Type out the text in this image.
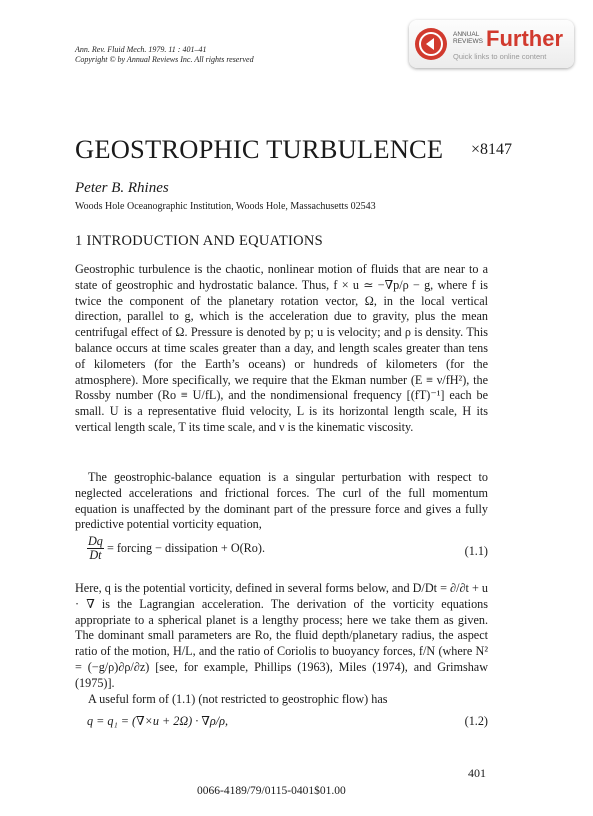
Ann. Rev. Fluid Mech. 1979. 11 : 401–41
Copyright © by Annual Reviews Inc. All rights reserved
ANNUAL
REVIEWS Further
Quick links to online content
GEOSTROPHIC TURBULENCE ×8147
Peter B. Rhines
Woods Hole Oceanographic Institution, Woods Hole, Massachusetts 02543
1 INTRODUCTION AND EQUATIONS
Geostrophic turbulence is the chaotic, nonlinear motion of fluids that are near to a state of geostrophic and hydrostatic balance. Thus, f × u ≃ −∇p/ρ − g, where f is twice the component of the planetary rotation vector, Ω, in the local vertical direction, parallel to g, which is the acceleration due to gravity, plus the mean centrifugal effect of Ω. Pressure is denoted by p; u is velocity; and ρ is density. This balance occurs at time scales greater than a day, and length scales greater than tens of kilometers (for the Earth’s oceans) or hundreds of kilometers (for the atmosphere). More specifically, we require that the Ekman number (E ≡ ν/fH²), the Rossby number (Ro ≡ U/fL), and the nondimensional frequency [(fT)⁻¹] each be small. U is a representative fluid velocity, L is its horizontal length scale, H its vertical length scale, T its time scale, and ν is the kinematic viscosity.
The geostrophic-balance equation is a singular perturbation with respect to neglected accelerations and frictional forces. The curl of the full momentum equation is unaffected by the dominant part of the pressure force and gives a fully predictive potential vorticity equation,
$\frac{Dq}{Dt}$ = forcing − dissipation + O(Ro).	(1.1)
Here, q is the potential vorticity, defined in several forms below, and D/Dt = ∂/∂t + u · ∇ is the Lagrangian acceleration. The derivation of the vorticity equations appropriate to a spherical planet is a lengthy process; here we take them as given. The dominant small parameters are Ro, the fluid depth/planetary radius, the aspect ratio of the motion, H/L, and the ratio of Coriolis to buoyancy forces, f/N (where N² = (−g/ρ)∂ρ/∂z) [see, for example, Phillips (1963), Miles (1974), and Grimshaw (1975)].
A useful form of (1.1) (not restricted to geostrophic flow) has
q = q₁ = (∇×u + 2Ω) · ∇ρ/ρ,	(1.2)
401
0066-4189/79/0115-0401$01.00
